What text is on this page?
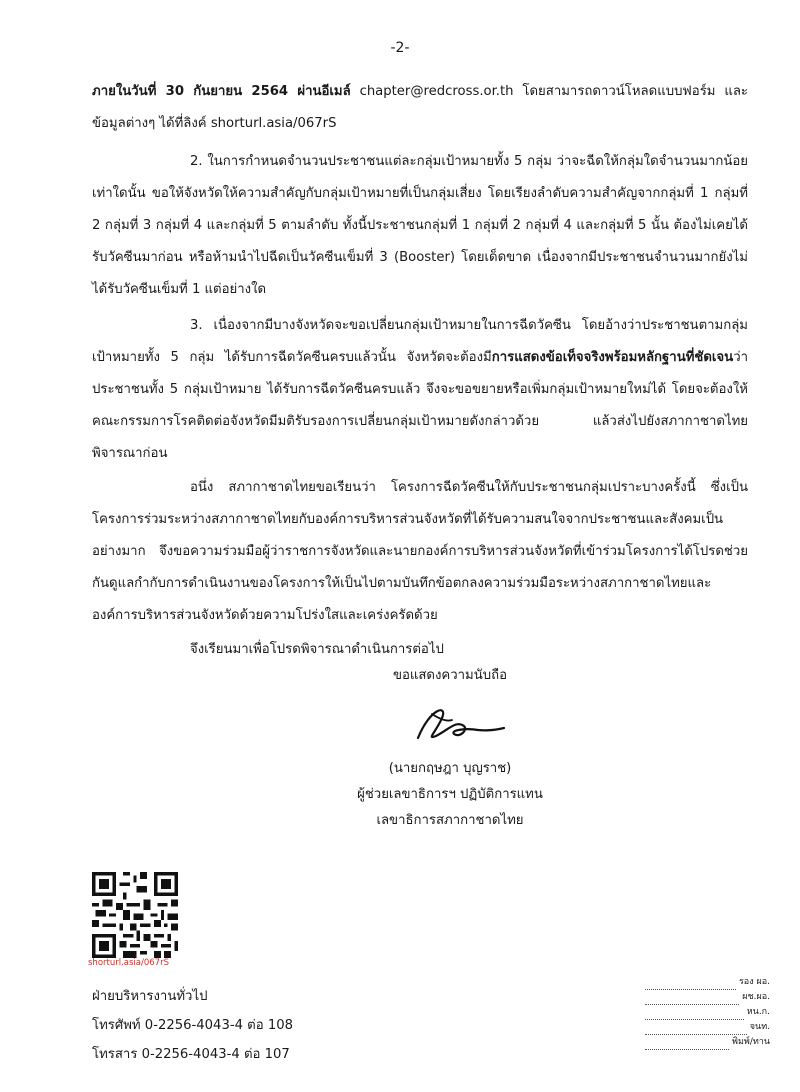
-2-

ภายในวันที่ 30 กันยายน 2564 ผ่านอีเมล์ chapter@redcross.or.th โดยสามารถดาวน์โหลดแบบฟอร์ม และข้อมูลต่างๆ ได้ที่ลิงค์ shorturl.asia/067rS

2. ในการกำหนดจำนวนประชาชนแต่ละกลุ่มเป้าหมายทั้ง 5 กลุ่ม ว่าจะฉีดให้กลุ่มใดจำนวนมากน้อยเท่าใดนั้น ขอให้จังหวัดให้ความสำคัญกับกลุ่มเป้าหมายที่เป็นกลุ่มเสี่ยง โดยเรียงลำดับความสำคัญจากกลุ่มที่ 1 กลุ่มที่ 2 กลุ่มที่ 3 กลุ่มที่ 4 และกลุ่มที่ 5 ตามลำดับ ทั้งนี้ประชาชนกลุ่มที่ 1 กลุ่มที่ 2 กลุ่มที่ 4 และกลุ่มที่ 5 นั้น ต้องไม่เคยได้รับวัคซีนมาก่อน หรือห้ามนำไปฉีดเป็นวัคซีนเข็มที่ 3 (Booster) โดยเด็ดขาด เนื่องจากมีประชาชนจำนวนมากยังไม่ได้รับวัคซีนเข็มที่ 1 แต่อย่างใด

3. เนื่องจากมีบางจังหวัดจะขอเปลี่ยนกลุ่มเป้าหมายในการฉีดวัคซีน โดยอ้างว่าประชาชนตามกลุ่มเป้าหมายทั้ง 5 กลุ่ม ได้รับการฉีดวัคซีนครบแล้วนั้น จังหวัดจะต้องมีการแสดงข้อเท็จจริงพร้อมหลักฐานที่ชัดเจนว่าประชาชนทั้ง 5 กลุ่มเป้าหมาย ได้รับการฉีดวัคซีนครบแล้ว จึงจะขอขยายหรือเพิ่มกลุ่มเป้าหมายใหม่ได้ โดยจะต้องให้คณะกรรมการโรคติดต่อจังหวัดมีมติรับรองการเปลี่ยนกลุ่มเป้าหมายดังกล่าวด้วย แล้วส่งไปยังสภากาชาดไทยพิจารณาก่อน

อนึ่ง สภากาชาดไทยขอเรียนว่า โครงการฉีดวัคซีนให้กับประชาชนกลุ่มเปราะบางครั้งนี้ ซึ่งเป็นโครงการร่วมระหว่างสภากาชาดไทยกับองค์การบริหารส่วนจังหวัดที่ได้รับความสนใจจากประชาชนและสังคมเป็นอย่างมาก จึงขอความร่วมมือผู้ว่าราชการจังหวัดและนายกองค์การบริหารส่วนจังหวัดที่เข้าร่วมโครงการได้โปรดช่วยกันดูแลกำกับการดำเนินงานของโครงการให้เป็นไปตามบันทึกข้อตกลงความร่วมมือระหว่างสภากาชาดไทยและองค์การบริหารส่วนจังหวัดด้วยความโปร่งใสและเคร่งครัดด้วย

จึงเรียนมาเพื่อโปรดพิจารณาดำเนินการต่อไป

ขอแสดงความนับถือ
(นายกฤษฎา บุญราช)
ผู้ช่วยเลขาธิการฯ ปฏิบัติการแทน
เลขาธิการสภากาชาดไทย
shorturl.asia/067rS
ฝ่ายบริหารงานทั่วไป
โทรศัพท์ 0-2256-4043-4 ต่อ 108
โทรสาร 0-2256-4043-4 ต่อ 107
รอง ผอ.
ผช.ผอ.
หน.ก.
จนท.
พิมพ์/ทาน
